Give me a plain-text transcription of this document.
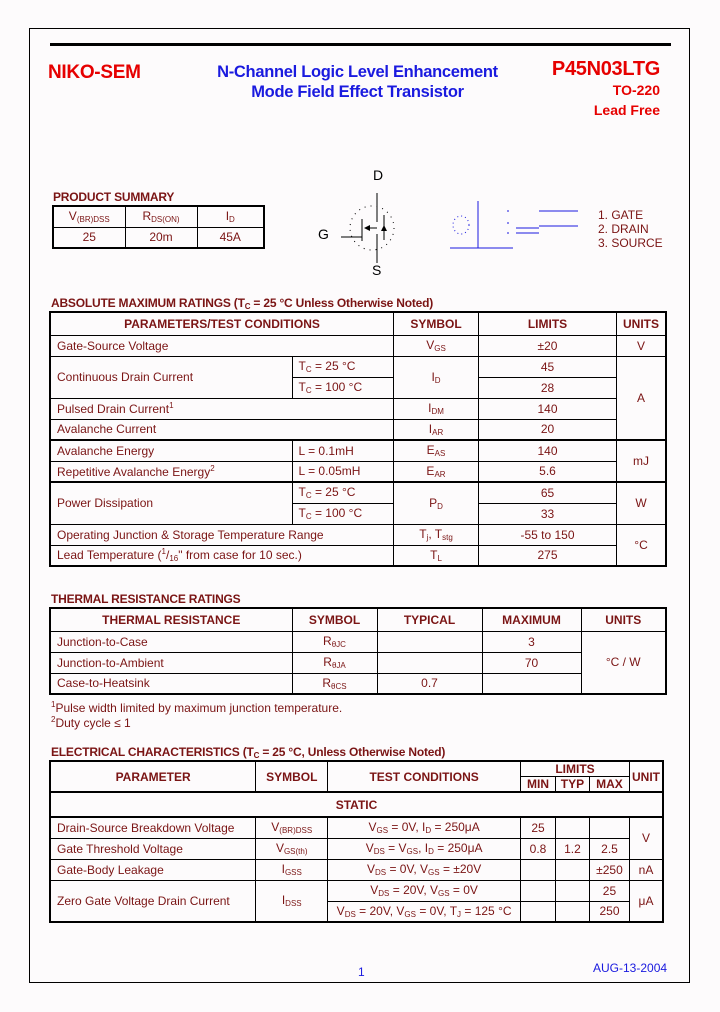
NIKO-SEM	N-Channel Logic Level Enhancement
Mode Field Effect Transistor
P45N03LTG
TO-220
Lead Free
PRODUCT SUMMARY
$V_{(BR)DSS}$	$R_{DS(ON)}$	$I_D$
25	20m	45A
D
G
S
1. GATE
2. DRAIN
3. SOURCE
ABSOLUTE MAXIMUM RATINGS ($T_C = 25$ °C Unless Otherwise Noted)
PARAMETERS/TEST CONDITIONS		SYMBOL	LIMITS	UNITS
Gate-Source Voltage		$V_{GS}$	±20	V
Continuous Drain Current	$T_C = 25$ °C	$I_D$	45	A
	$T_C = 100$ °C		28	
Pulsed Drain Current$^1$		$I_{DM}$	140	
Avalanche Current		$I_{AR}$	20	
Avalanche Energy	L = 0.1mH	$E_{AS}$	140	mJ
Repetitive Avalanche Energy$^2$	L = 0.05mH	$E_{AR}$	5.6	
Power Dissipation	$T_C = 25$ °C	$P_D$	65	W
	$T_C = 100$ °C		33	
Operating Junction & Storage Temperature Range		$T_j$, $T_{stg}$	-55 to 150	°C
Lead Temperature ($^1/_{16}$" from case for 10 sec.)		$T_L$	275	
THERMAL RESISTANCE RATINGS
THERMAL RESISTANCE	SYMBOL	TYPICAL	MAXIMUM	UNITS
Junction-to-Case	$R_{\theta JC}$		3	°C / W
Junction-to-Ambient	$R_{\theta JA}$		70	
Case-to-Heatsink	$R_{\theta CS}$	0.7		
$^1$Pulse width limited by maximum junction temperature.
$^2$Duty cycle ≤ 1
ELECTRICAL CHARACTERISTICS ($T_C = 25$ °C, Unless Otherwise Noted)
PARAMETER	SYMBOL	TEST CONDITIONS	LIMITS			UNIT
			MIN	TYP	MAX	
STATIC						
Drain-Source Breakdown Voltage	$V_{(BR)DSS}$	$V_{GS} = 0V$, $I_D = 250\mu A$	25			V
Gate Threshold Voltage	$V_{GS(th)}$	$V_{DS} = V_{GS}$, $I_D = 250\mu A$	0.8	1.2	2.5	
Gate-Body Leakage	$I_{GSS}$	$V_{DS} = 0V$, $V_{GS} = \pm 20V$			±250	nA
Zero Gate Voltage Drain Current	$I_{DSS}$	$V_{DS} = 20V$, $V_{GS} = 0V$			25	μA
		$V_{DS} = 20V$, $V_{GS} = 0V$, $T_J = 125$ °C			250	
1	AUG-13-2004
